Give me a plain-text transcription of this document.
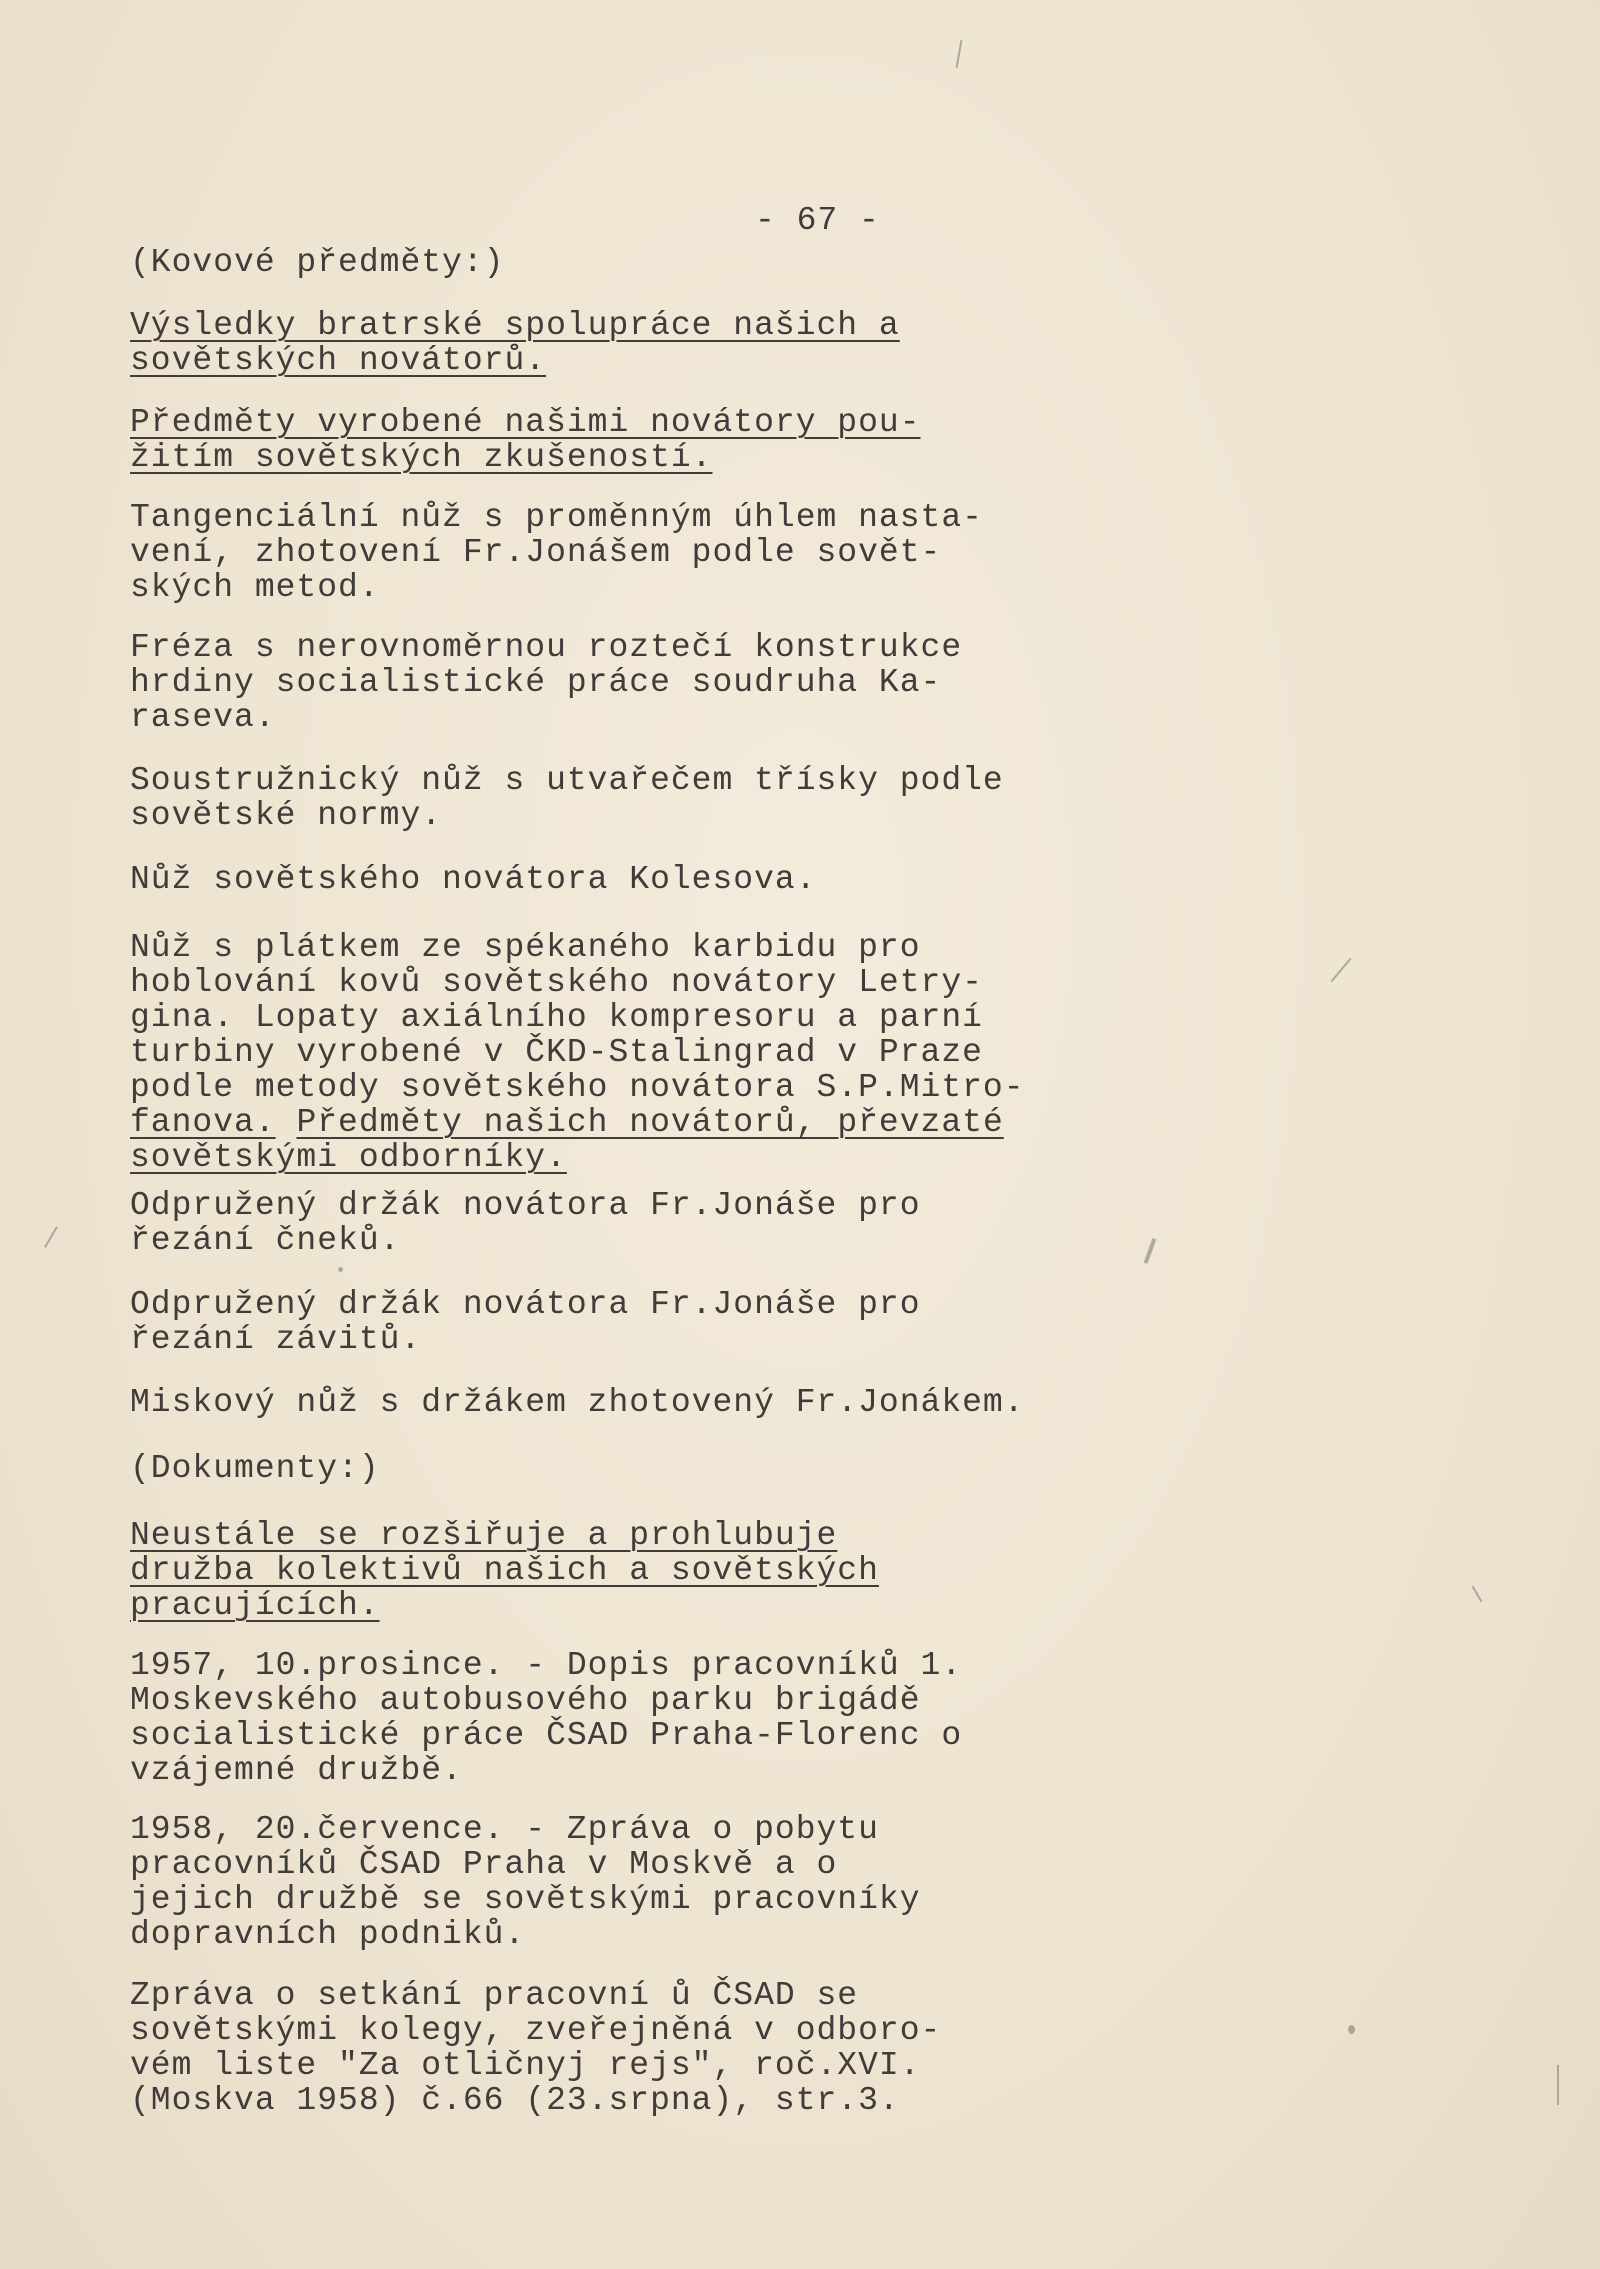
- 67 -

(Kovové předměty:)

Výsledky bratrské spolupráce našich a
sovětských novátorů.

Předměty vyrobené našimi novátory pou-
žitím sovětských zkušeností.

Tangenciální nůž s proměnným úhlem nasta-
vení, zhotovení Fr.Jonášem podle sovět-
ských metod.

Fréza s nerovnoměrnou roztečí konstrukce
hrdiny socialistické práce soudruha Ka-
raseva.

Soustružnický nůž s utvařečem třísky podle
sovětské normy.

Nůž sovětského novátora Kolesova.

Nůž s plátkem ze spékaného karbidu pro
hoblování kovů sovětského novátory Letry-
gina. Lopaty axiálního kompresoru a parní
turbiny vyrobené v ČKD-Stalingrad v Praze
podle metody sovětského novátora S.P.Mitro-
fanova. Předměty našich novátorů, převzaté
sovětskými odborníky.

Odpružený držák novátora Fr.Jonáše pro
řezání čneků.

Odpružený držák novátora Fr.Jonáše pro
řezání závitů.

Miskový nůž s držákem zhotovený Fr.Jonákem.

(Dokumenty:)

Neustále se rozšiřuje a prohlubuje
družba kolektivů našich a sovětských
pracujících.

1957, 10.prosince. - Dopis pracovníků 1.
Moskevského autobusového parku brigádě
socialistické práce ČSAD Praha-Florenc o
vzájemné družbě.

1958, 20.července. - Zpráva o pobytu
pracovníků ČSAD Praha v Moskvě a o
jejich družbě se sovětskými pracovníky
dopravních podniků.

Zpráva o setkání pracovní ů ČSAD se
sovětskými kolegy, zveřejněná v odboro-
vém liste "Za otličnyj rejs", roč.XVI.
(Moskva 1958) č.66 (23.srpna), str.3.
